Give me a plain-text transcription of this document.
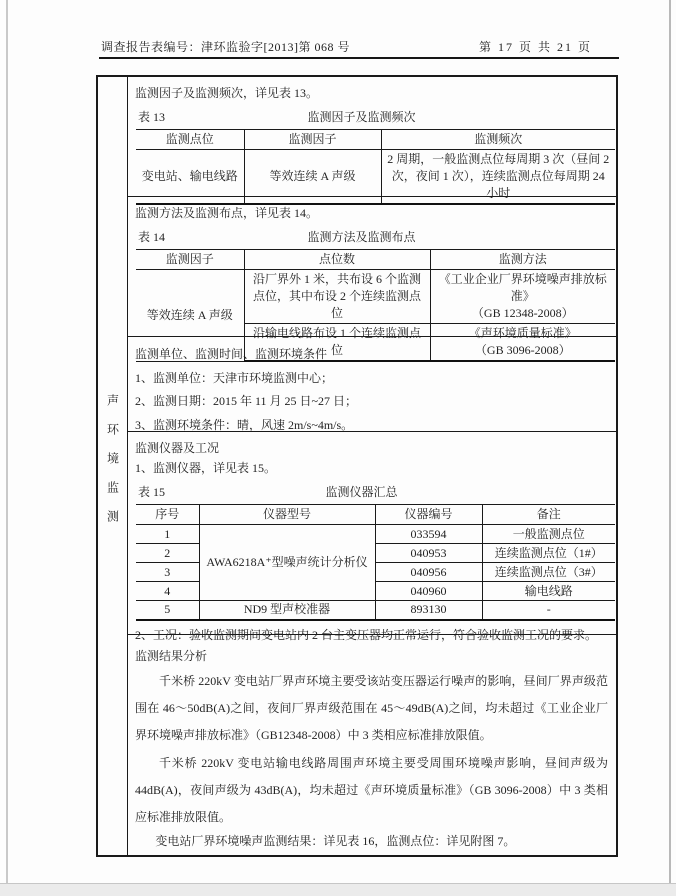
调查报告表编号：津环监验字[2013]第 068 号	第 17 页 共 21 页
声环境监测
监测因子及监测频次，详见表 13。
表 13	监测因子及监测频次
监测点位	监测因子	监测频次
变电站、输电线路	等效连续 A 声级	2 周期，一般监测点位每周期 3 次（昼间 2 次，夜间 1 次），连续监测点位每周期 24 小时
监测方法及监测布点，详见表 14。
表 14	监测方法及监测布点
监测因子	点位数	监测方法
等效连续 A 声级	沿厂界外 1 米，共布设 6 个监测点位，其中布设 2 个连续监测点位	《工业企业厂界环境噪声排放标准》
（GB 12348-2008）

	沿输电线路布设 1 个连续监测点位	《声环境质量标准》
（GB 3096-2008）

监测单位、监测时间、监测环境条件

1、监测单位：天津市环境监测中心；

2、监测日期：2015 年 11 月 25 日~27 日；

3、监测环境条件：晴，风速 2m/s~4m/s。

监测仪器及工况
1、监测仪器，详见表 15。
表 15	监测仪器汇总
序号	仪器型号	仪器编号	备注
1	AWA6218A⁺型噪声统计分析仪	033594	一般监测点位
2		040953	连续监测点位（1#）
3		040956	连续监测点位（3#）
4		040960	输电线路
5	ND9 型声校准器	893130	-
2、工况：验收监测期间变电站内 2 台主变压器均正常运行，符合验收监测工况的要求。
监测结果分析

千米桥 220kV 变电站厂界声环境主要受该站变压器运行噪声的影响，昼间厂界声级范围在 46～50dB(A)之间，夜间厂界声级范围在 45～49dB(A)之间，均未超过《工业企业厂界环境噪声排放标准》（GB12348-2008）中 3 类相应标准排放限值。

千米桥 220kV 变电站输电线路周围声环境主要受周围环境噪声影响，昼间声级为 44dB(A)，夜间声级为 43dB(A)，均未超过《声环境质量标准》（GB 3096-2008）中 3 类相应标准排放限值。

变电站厂界环境噪声监测结果：详见表 16，监测点位：详见附图 7。
